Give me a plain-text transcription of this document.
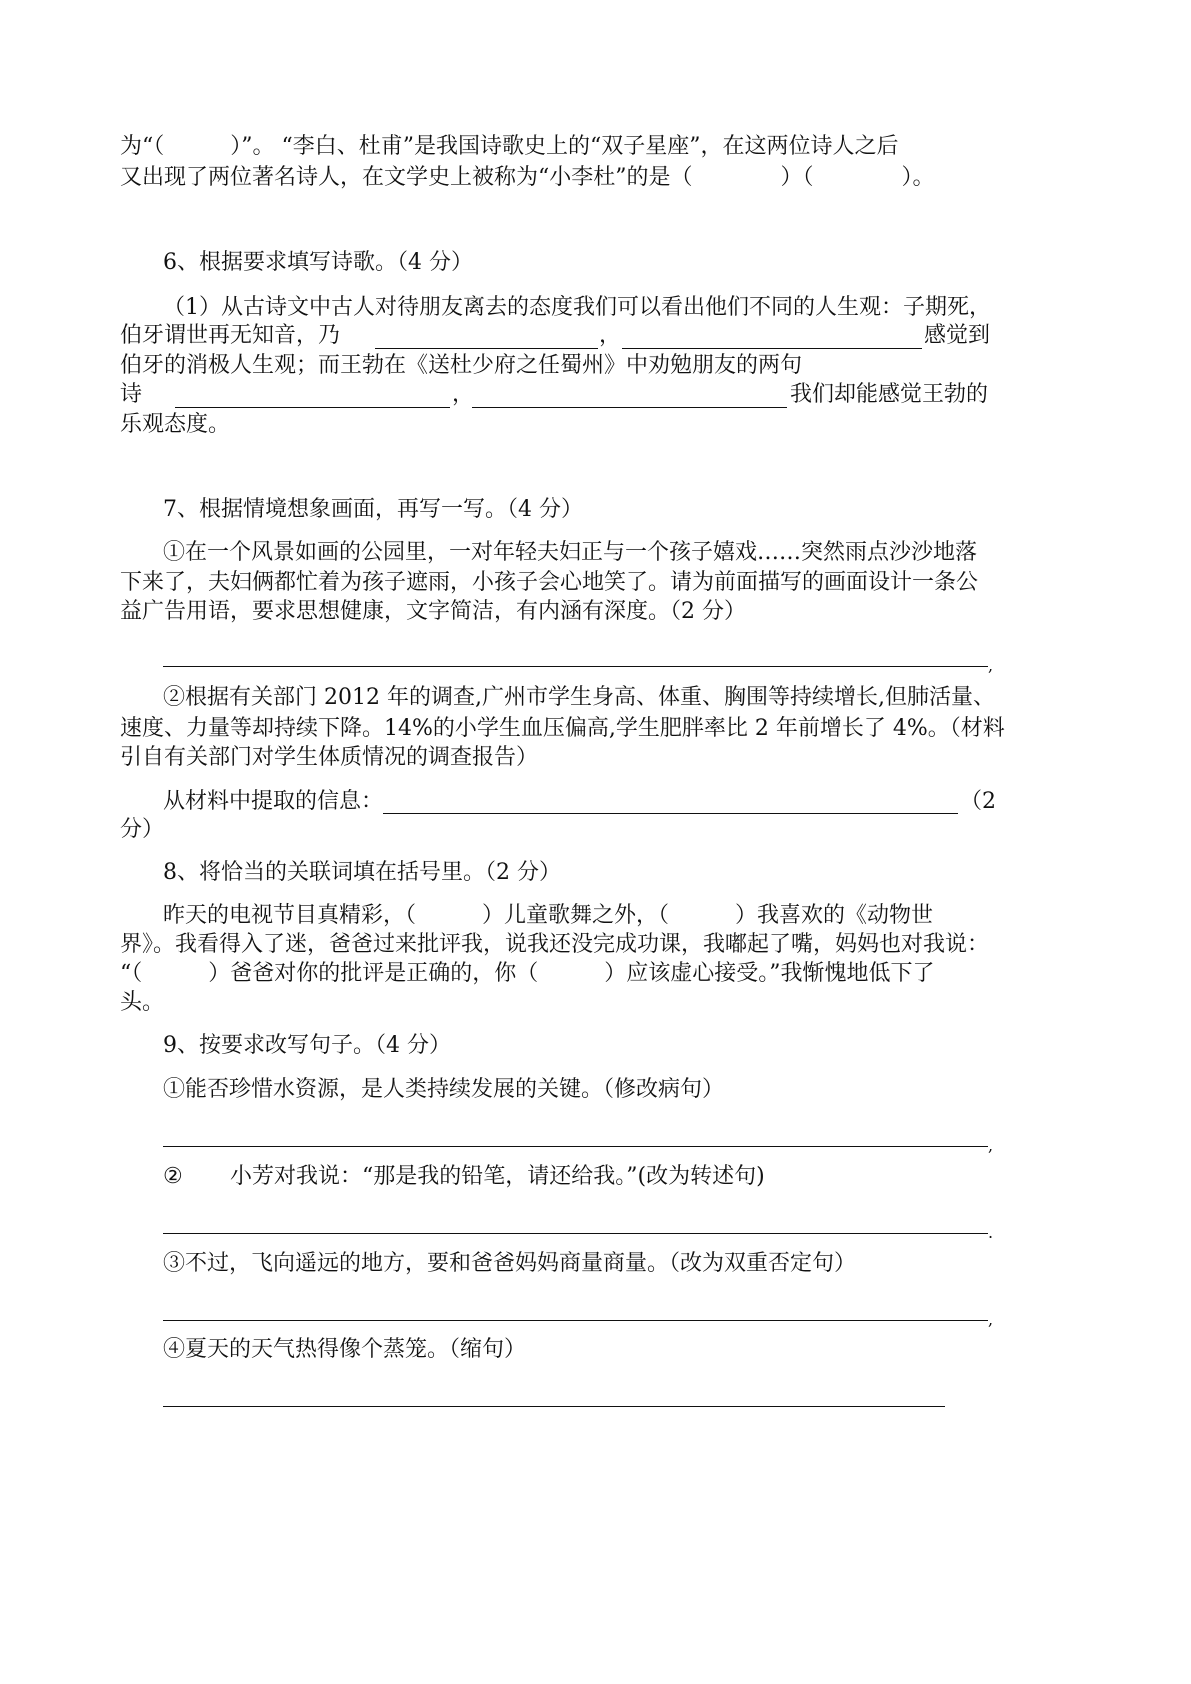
为“（　　　）”。 “李白、杜甫”是我国诗歌史上的“双子星座”，在这两位诗人之后
又出现了两位著名诗人，在文学史上被称为“小李杜”的是（　　　　）（　　　　）。
6、根据要求填写诗歌。（4 分）
（1）从古诗文中古人对待朋友离去的态度我们可以看出他们不同的人生观：子期死，
伯牙谓世再无知音，乃	，	感觉到
伯牙的消极人生观；而王勃在《送杜少府之任蜀州》中劝勉朋友的两句
诗	，	我们却能感觉王勃的
乐观态度。
7、根据情境想象画面，再写一写。（4 分）
①在一个风景如画的公园里，一对年轻夫妇正与一个孩子嬉戏……突然雨点沙沙地落
下来了，夫妇俩都忙着为孩子遮雨，小孩子会心地笑了。请为前面描写的画面设计一条公
益广告用语，要求思想健康，文字简洁，有内涵有深度。（2 分）
,
②根据有关部门 2012 年的调查,广州市学生身高、体重、胸围等持续增长,但肺活量、
速度、力量等却持续下降。14%的小学生血压偏高,学生肥胖率比 2 年前增长了 4%。（材料
引自有关部门对学生体质情况的调查报告）
从材料中提取的信息：	（2
分）
8、将恰当的关联词填在括号里。（2 分）
昨天的电视节目真精彩，（　　　）儿童歌舞之外，（　　　）我喜欢的《动物世
界》。我看得入了迷，爸爸过来批评我，说我还没完成功课，我嘟起了嘴，妈妈也对我说：
“（　　　）爸爸对你的批评是正确的，你（　　　）应该虚心接受。”我惭愧地低下了
头。
9、按要求改写句子。（4 分）
①能否珍惜水资源，是人类持续发展的关键。（修改病句）
,
② 小芳对我说：“那是我的铅笔，请还给我。”(改为转述句)
.
③不过，飞向遥远的地方，要和爸爸妈妈商量商量。（改为双重否定句）
,
④夏天的天气热得像个蒸笼。（缩句）
